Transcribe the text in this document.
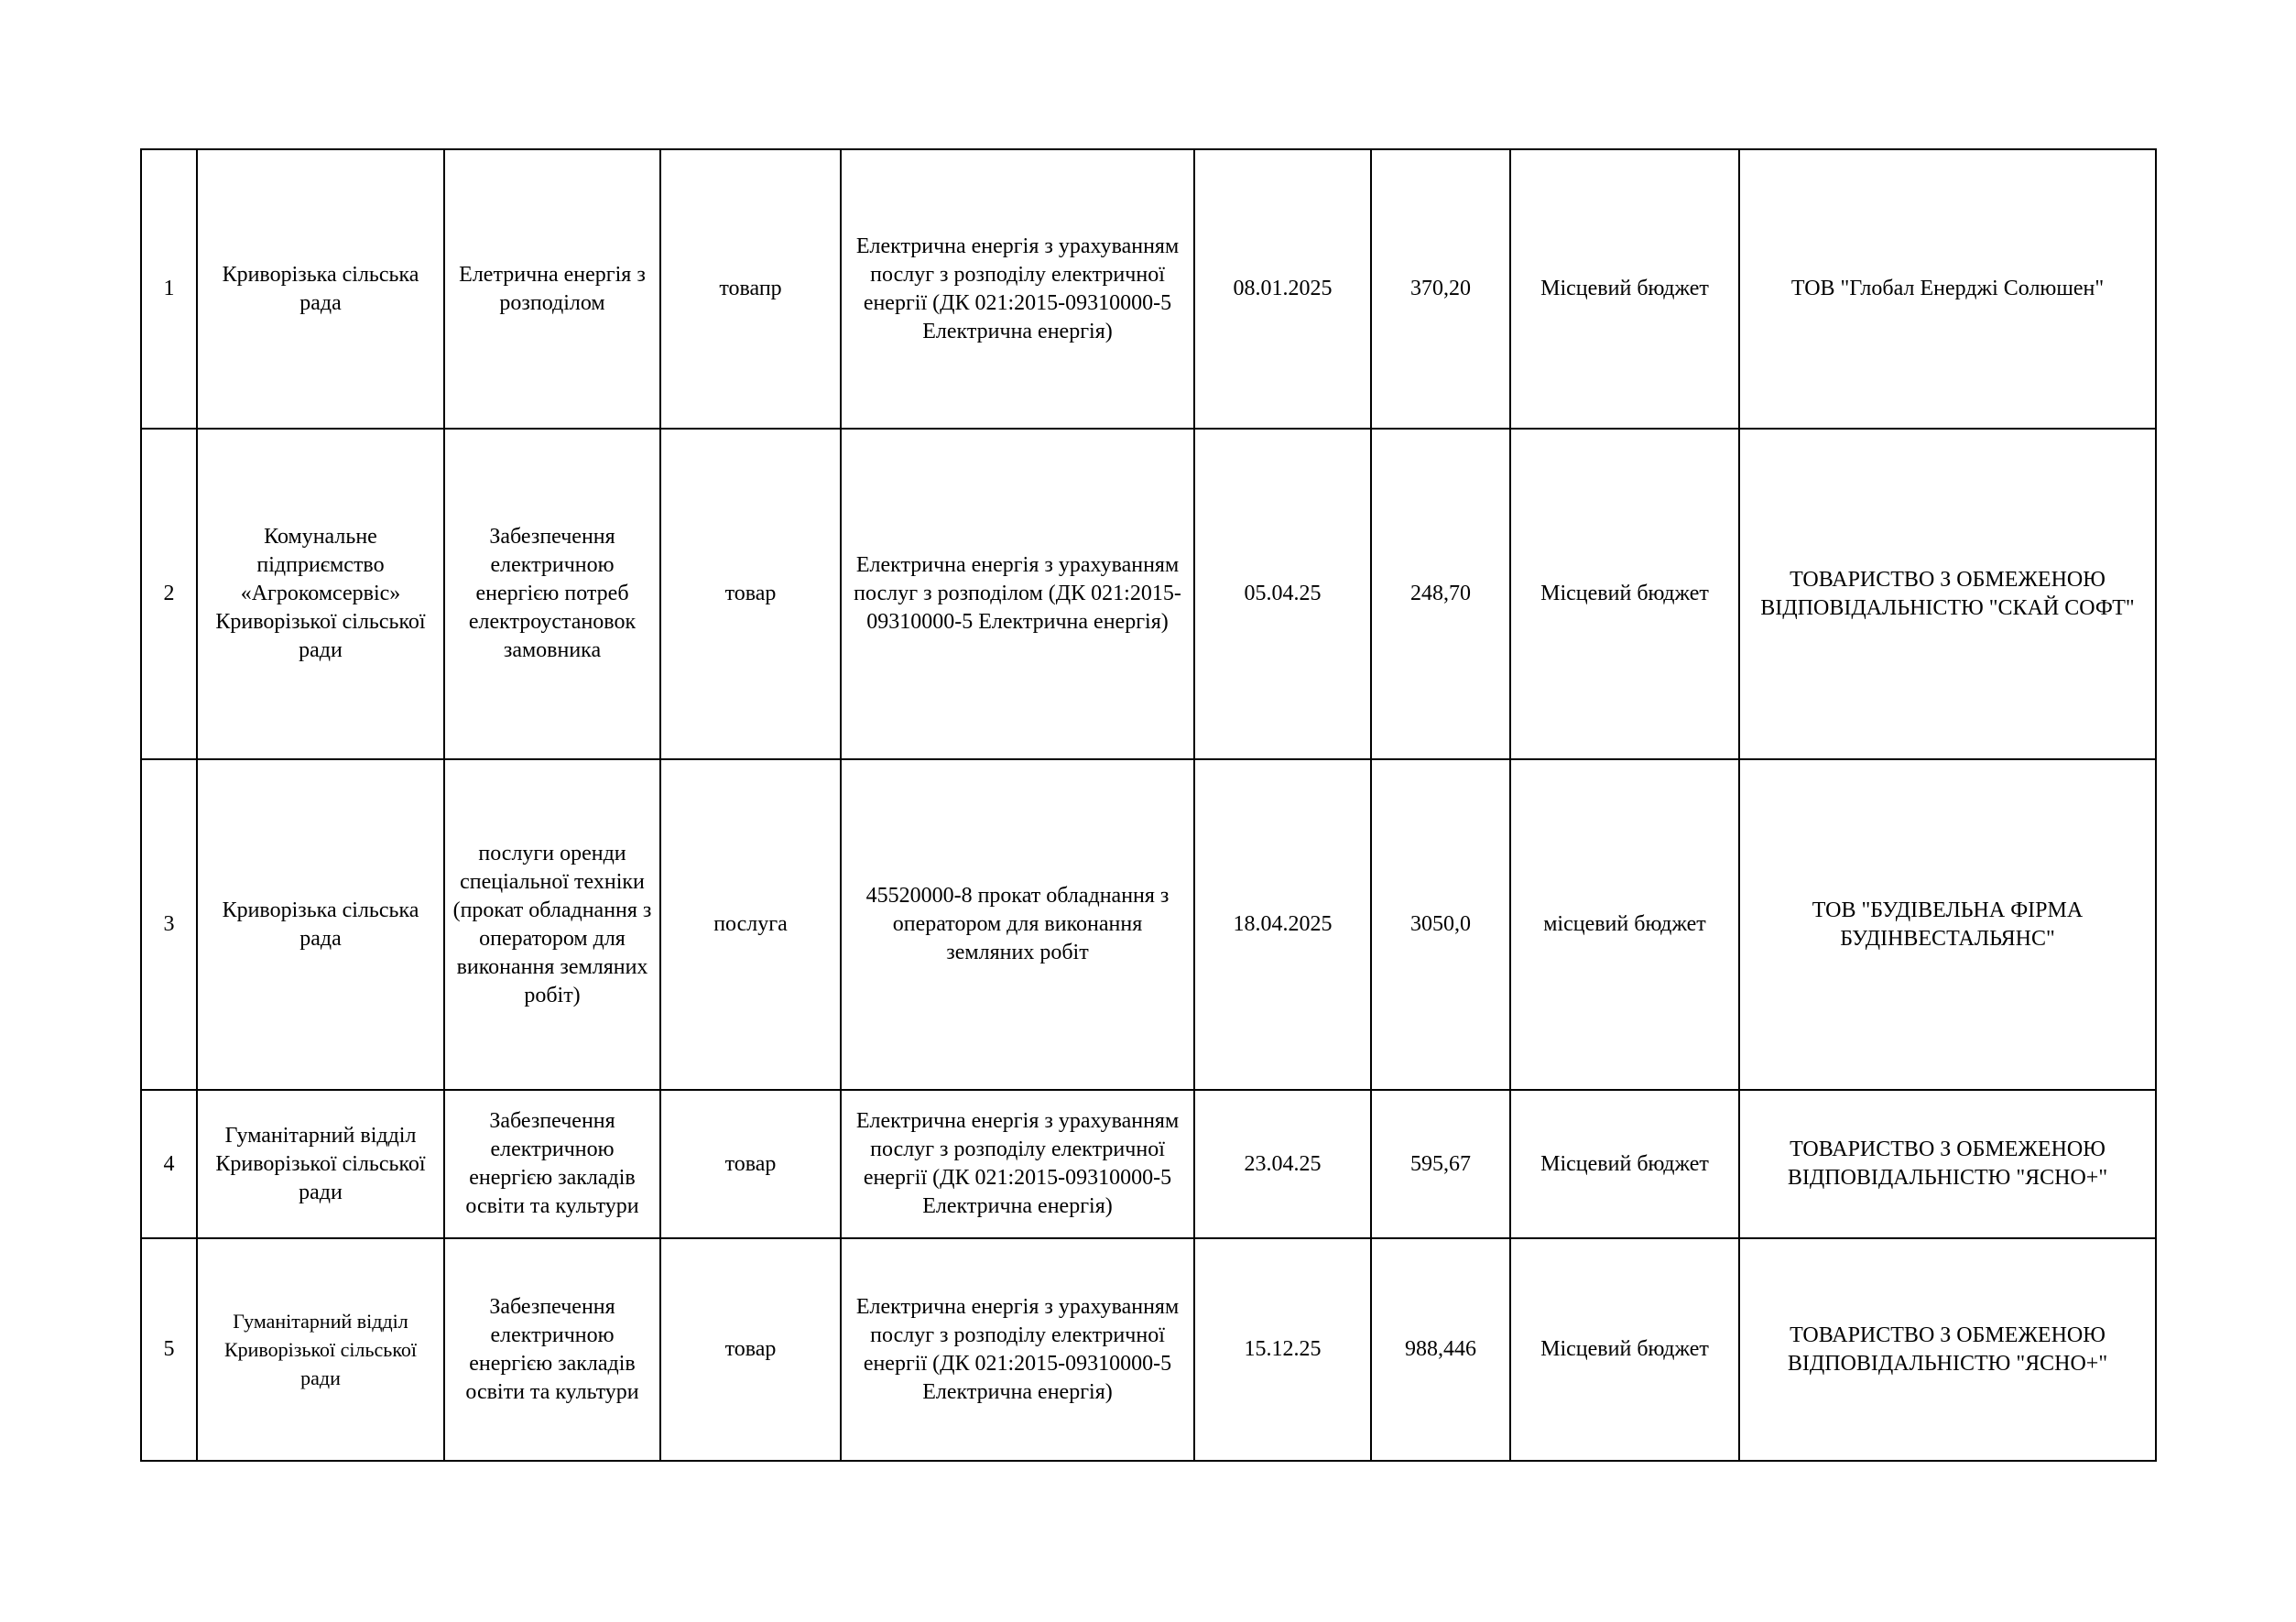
1	Криворізька сільська рада	Елетрична енергія з розподілом	товапр	Електрична енергія з урахуванням послуг з розподілу електричної енергії (ДК 021:2015-09310000-5 Електрична енергія)	08.01.2025	370,20	Місцевий бюджет	ТОВ "Глобал Енерджі Солюшен"
2	Комунальне підприємство «Агрокомсервіс» Криворізької сільської ради	Забезпечення електричною енергією потреб електроустановок замовника	товар	Електрична енергія з урахуванням послуг з розподілом (ДК 021:2015-09310000-5 Електрична енергія)	05.04.25	248,70	Місцевий бюджет	ТОВАРИСТВО З ОБМЕЖЕНОЮ ВІДПОВІДАЛЬНІСТЮ "СКАЙ СОФТ"
3	Криворізька сільська рада	послуги оренди спеціальної техніки (прокат обладнання з оператором для виконання земляних робіт)	послуга	45520000-8 прокат обладнання з оператором для виконання земляних робіт	18.04.2025	3050,0	місцевий бюджет	ТОВ "БУДІВЕЛЬНА ФІРМА БУДІНВЕСТАЛЬЯНС"
4	Гуманітарний відділ Криворізької сільської ради	Забезпечення електричною енергією закладів освіти та культури	товар	Електрична енергія з урахуванням послуг з розподілу електричної енергії (ДК 021:2015-09310000-5 Електрична енергія)	23.04.25	595,67	Місцевий бюджет	ТОВАРИСТВО З ОБМЕЖЕНОЮ ВІДПОВІДАЛЬНІСТЮ "ЯСНО+"
5	Гуманітарний відділ Криворізької сільської ради	Забезпечення електричною енергією закладів освіти та культури	товар	Електрична енергія з урахуванням послуг з розподілу електричної енергії (ДК 021:2015-09310000-5 Електрична енергія)	15.12.25	988,446	Місцевий бюджет	ТОВАРИСТВО З ОБМЕЖЕНОЮ ВІДПОВІДАЛЬНІСТЮ "ЯСНО+"
